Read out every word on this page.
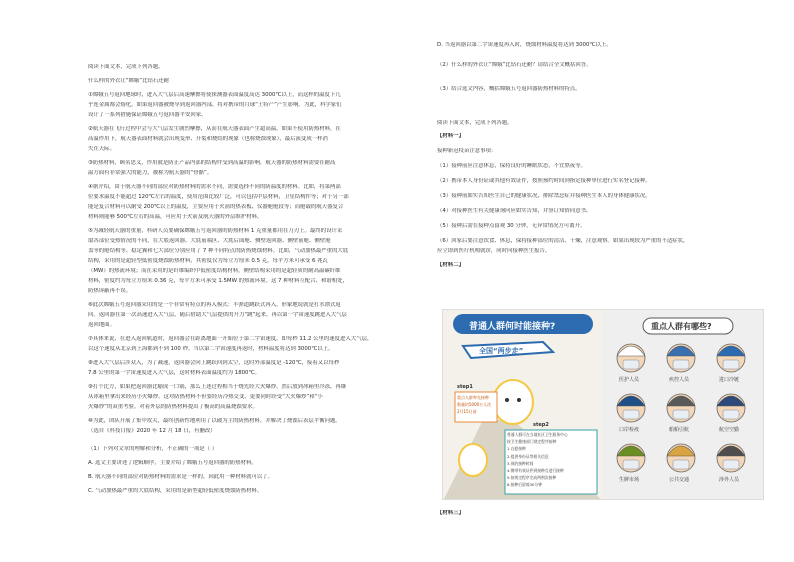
阅读下面文本，完成下列各题。
什么样的外衣让“嫦娥”比钻石还耐
①嫦娥五号返回地球时，进入大气层后高速摩擦将使探测器表面温度高达 3000℃以上，而这样的温度下几
乎连金属都会熔化，如果返回器被烧导到返回器内部，将对携带的月球“土特产”产生影响。为此，科学家们
设计了一系列措施保证嫦娥五号返回器平安回家。
②航天器在飞行过程中会与大气层发生剧烈摩擦，从而在航天器表面产生超高温，如果不使用防热材料，在
高温作用下，航天器表面材料就会出现变形、开裂和烧结的现象（也称烧蚀现象），最后演变成一样消
失在天际。
③防热材料，顾名思义，作用就是防止产品内部的结构件受到高温的影响，航天器的防热材料需要在耐高
温方面有非常强大的能力，被称为航天器的“骨骼”。
④据介绍，由于航天器不同的部位对防热材料的需求不同，需要选择不同的防温度的材料。比如，将第两部
位要求温度不能超过 120℃左右的温度，使用范围比较广泛，可以包括中层材料，卫星结构件等；对于另一部
能是复合材料可以耐受 200℃以上的温度，主要应用于火箭的热表板、仪器舱舱段等；而舱载的航天器复合
材料则能够 500℃左右的高温，可应用于火箭及航天器的外层维护材料。
⑤为减轻航天器的重量，科研人员要确保嫦娥五号返回器的防热材料 1 克重量都用在刀刃上。最终的设计采
取各部位受热情况的不同，在大底返回器、大底前端区、大底后面舱、侧壁返回器、侧壁前舱、侧壁舱
盖等的舱结构等、稳定翼和七大部位分别应用了 7 种不同特点的防热烧蚀材料。比如，气动加热最严重的大底
结构，采用的是超轻型低密度烧蚀防热材料，其密度仅为每立方厘米 0.5 克，每平方米可承受 6 兆瓦
（MW）的热流环境；而在采用的是纤维编织中低密度结构材料，侧壁结构采用的是超轻质的耐高温碳纤维
材料，密度约为每立方厘米 0.36 克，每平方米可承受 1.5MW 的热流环境。这 7 种材料互配合、和谐相处，
防热屏蔽再不误。
⑥此次嫦娥五号返回器采用的是一个非常有特点的再入模式：半弹道跳跃式再入，形象地说就是打水漂式返
回。返回器在第一次高速进入大气层，随后借助大气层提供的升力“跳”起来，再以第一宇宙速度跳进入大气层
返回地面。
⑦具体来说，在进入返回轨道时，返回器会在距离地面一开始位于第二宇宙速度，即每秒 11.2 公里的速度进入大气层，
以这个速度从北京到上海都到不到 100 秒。当以第二宇宙速度再返时，材料温度将达到 3000℃以上。
⑧进入大气层后涉众入，为了减速，返回器会向上跳跃回到太空，这时外部温度是 -120℃，接着又以每秒
7.8 公里的第一宇宙速度进入大气层，这时材料表面温度约为 1800℃。
⑨打个比方，如果把返回器比喻成一口锅，那么上述过程相当于烧先经大火爆炒，然后放到冰箱里冷冻，再继
从冰箱里拿出来经历小火爆炒。这对防热材料不但要经历冷热交变，更要同时经受“大火爆炒”和“小
火爆炒”的双重考验。对着外层的防热材料提出了极高的高温烧蚀要求。
⑩为此，团队开展了集中攻关，最终创新性地利用了以破为主的防热材料，并解决了烧蚀后表层平衡问题。
（选自《科技日报》2020 年 12 月 18 日，有删改）
（1）下列对文章的理解和分析，不正确的一项是（ ）
A. 选文主要讲述了逻辑顺序，主要介绍了嫦娥五号返回器的防热材料。
B. 航天器不同的部位对防热材料的需求是一样的，因此用一种材料就可以了。
C. 气动加热最严重的大底结构，采用的是新型超轻低密度烧蚀防热材料。
D. 当返回器以第二宇宙速度再入时，烧蚀材料温度将达到 3000℃以上。
（2）什么样的外衣让“嫦娥”比钻石还耐？请结合全文概括回答。
（3）结合选文内容，概括嫦娥五号返回器防热材料的特点。
阅读下面文本，完成下列各题。
【材料一】
接种新冠疫苗注意事项：
（1）接种前应注意休息，保持良好的睡眠状态，不宜熬夜等。
（2）携带本人身份证或其他有效证件，按照预约时间到指定接种单位进行实名登记接种。
（3）接种前如实告知医生自己的健康状况，排除禁忌症并接种医生本人的身体健康状况。
（4）对接种医生有关健康询问应如实告知，并签订知情同意书。
（5）接种后需在接种点留观 30 分钟，无异常情况方可离开。
（6）回家后要注意饮食、休息，保持接种部位的清洁、干燥，注意观察。如果出现较为严重的不适症状，
应立即到医疗机构就诊，同时向接种医生报告。
【材料二】
【材料三】
普通人群何时能接种?
全国“两步走”
step1
重点人群率先接种
数量约5000万人次
2月15日前
step2
普通人群可在当地社区卫生服务中心
按卫生健康部门规定程序接种
1.自愿接种
2.提供身份证等相关信息
3.预约接种时间
4.携带有效证件到接种点进行接种
5.按规定程序完成两剂次接种
6.接种后留观30分钟
重点人群有哪些?
医护人员	疾控人员	进口冷链
口岸检疫	船舶引航	航空空勤
生鲜市场	公共交通	涉外人员
